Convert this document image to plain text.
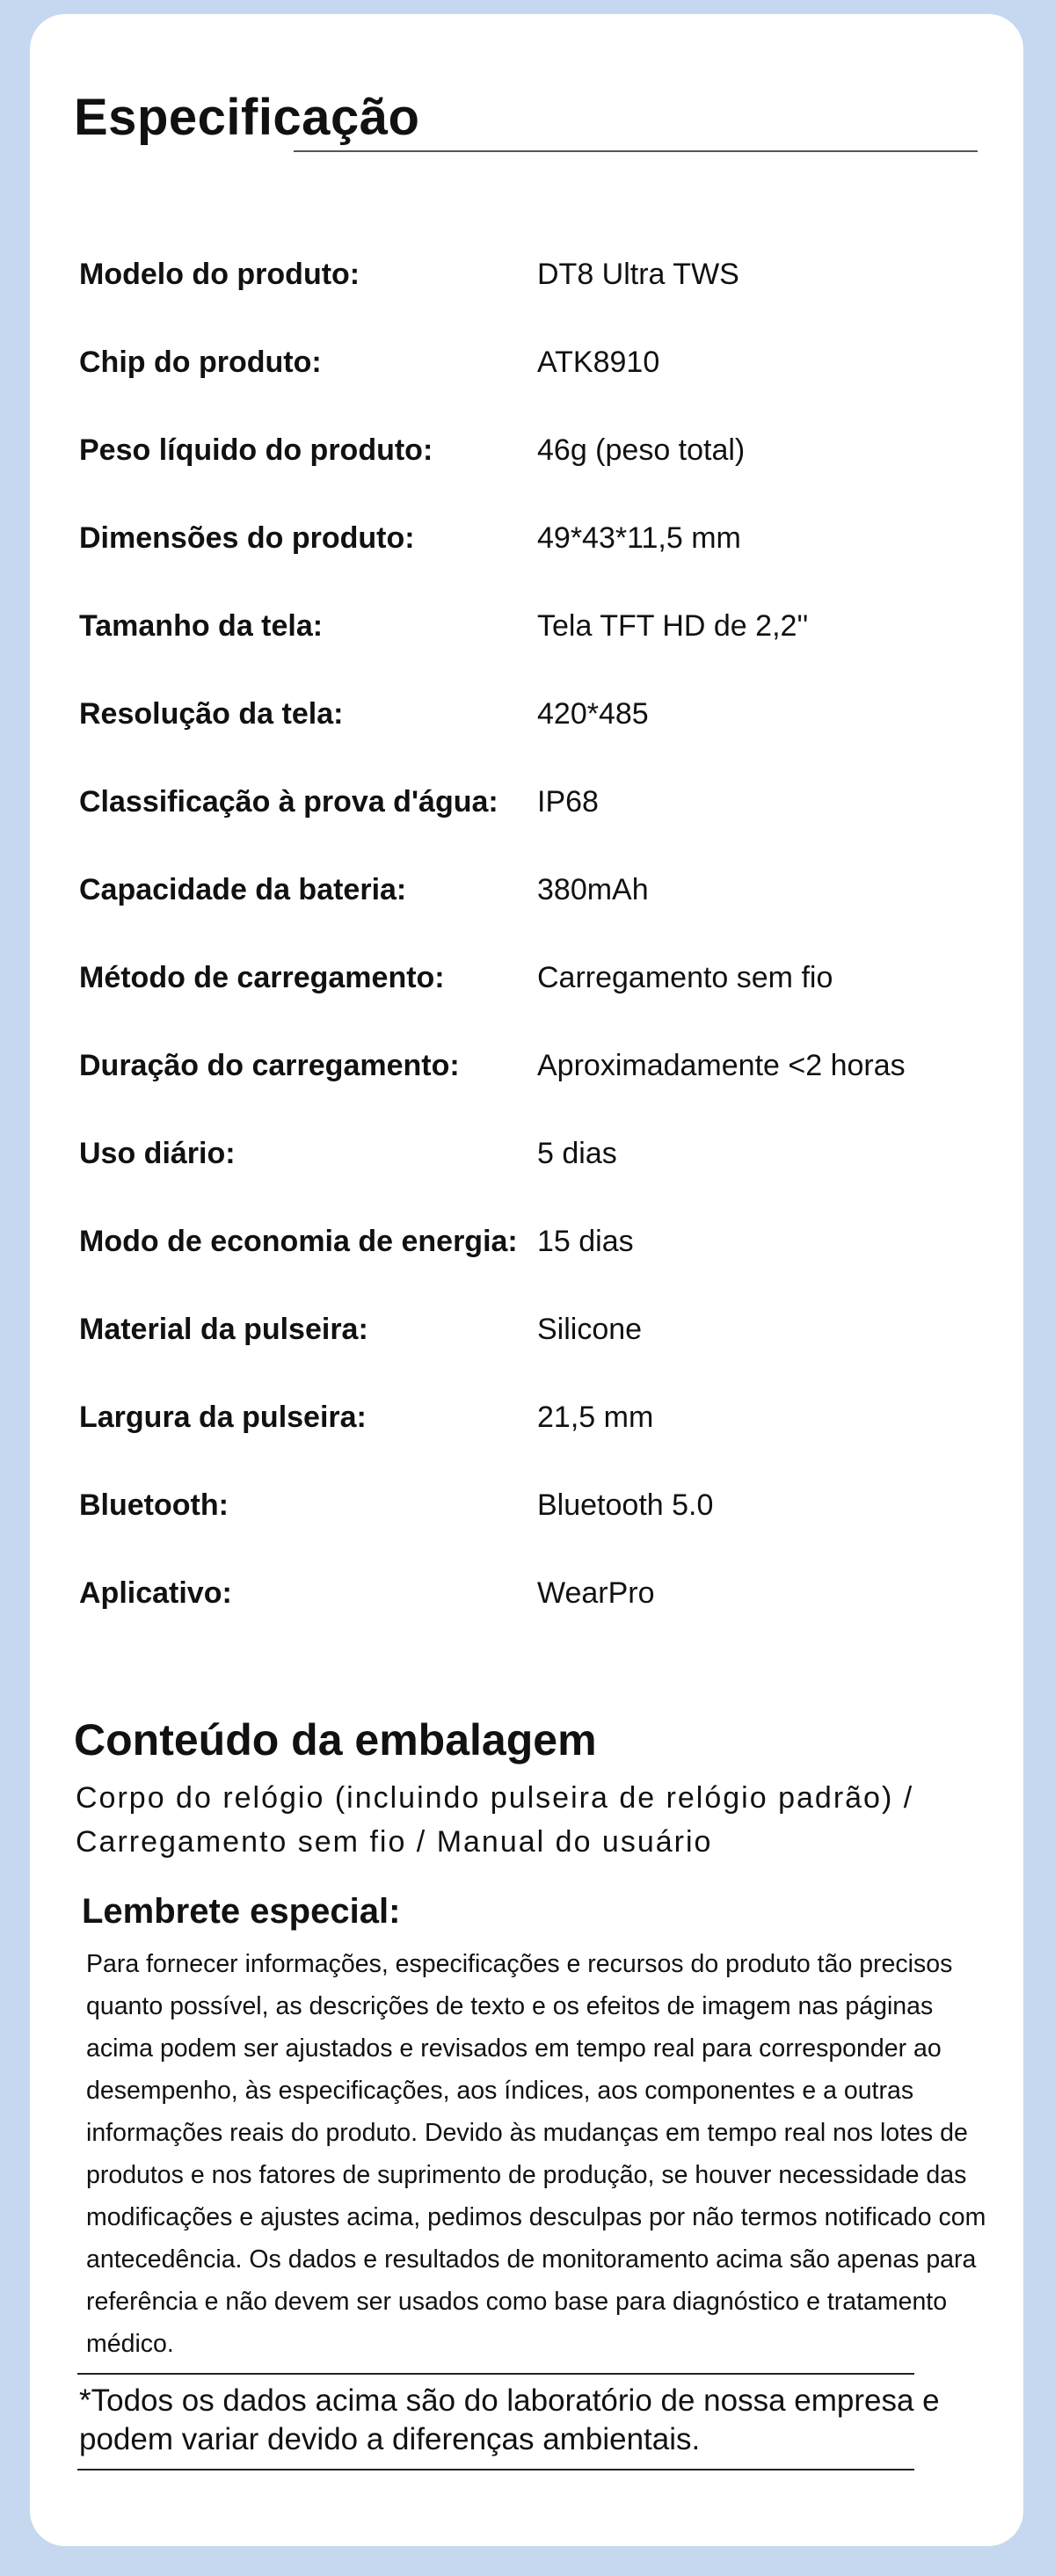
Especificação
Modelo do produto:	DT8 Ultra TWS
Chip do produto:	ATK8910
Peso líquido do produto:	46g (peso total)
Dimensões do produto:	49*43*11,5 mm
Tamanho da tela:	Tela TFT HD de 2,2''
Resolução da tela:	420*485
Classificação à prova d'água:	IP68
Capacidade da bateria:	380mAh
Método de carregamento:	Carregamento sem fio
Duração do carregamento:	Aproximadamente <2 horas
Uso diário:	5 dias
Modo de economia de energia: 15 dias
Material da pulseira:	Silicone
Largura da pulseira:	21,5 mm
Bluetooth:	Bluetooth 5.0
Aplicativo:	WearPro
Conteúdo da embalagem

Corpo do relógio (incluindo pulseira de relógio padrão) / Carregamento sem fio / Manual do usuário

Lembrete especial:

Para fornecer informações, especificações e recursos do produto tão precisos quanto possível, as descrições de texto e os efeitos de imagem nas páginas acima podem ser ajustados e revisados em tempo real para corresponder ao desempenho, às especificações, aos índices, aos componentes e a outras informações reais do produto. Devido às mudanças em tempo real nos lotes de produtos e nos fatores de suprimento de produção, se houver necessidade das modificações e ajustes acima, pedimos desculpas por não termos notificado com antecedência. Os dados e resultados de monitoramento acima são apenas para referência e não devem ser usados como base para diagnóstico e tratamento médico.

*Todos os dados acima são do laboratório de nossa empresa e podem variar devido a diferenças ambientais.
